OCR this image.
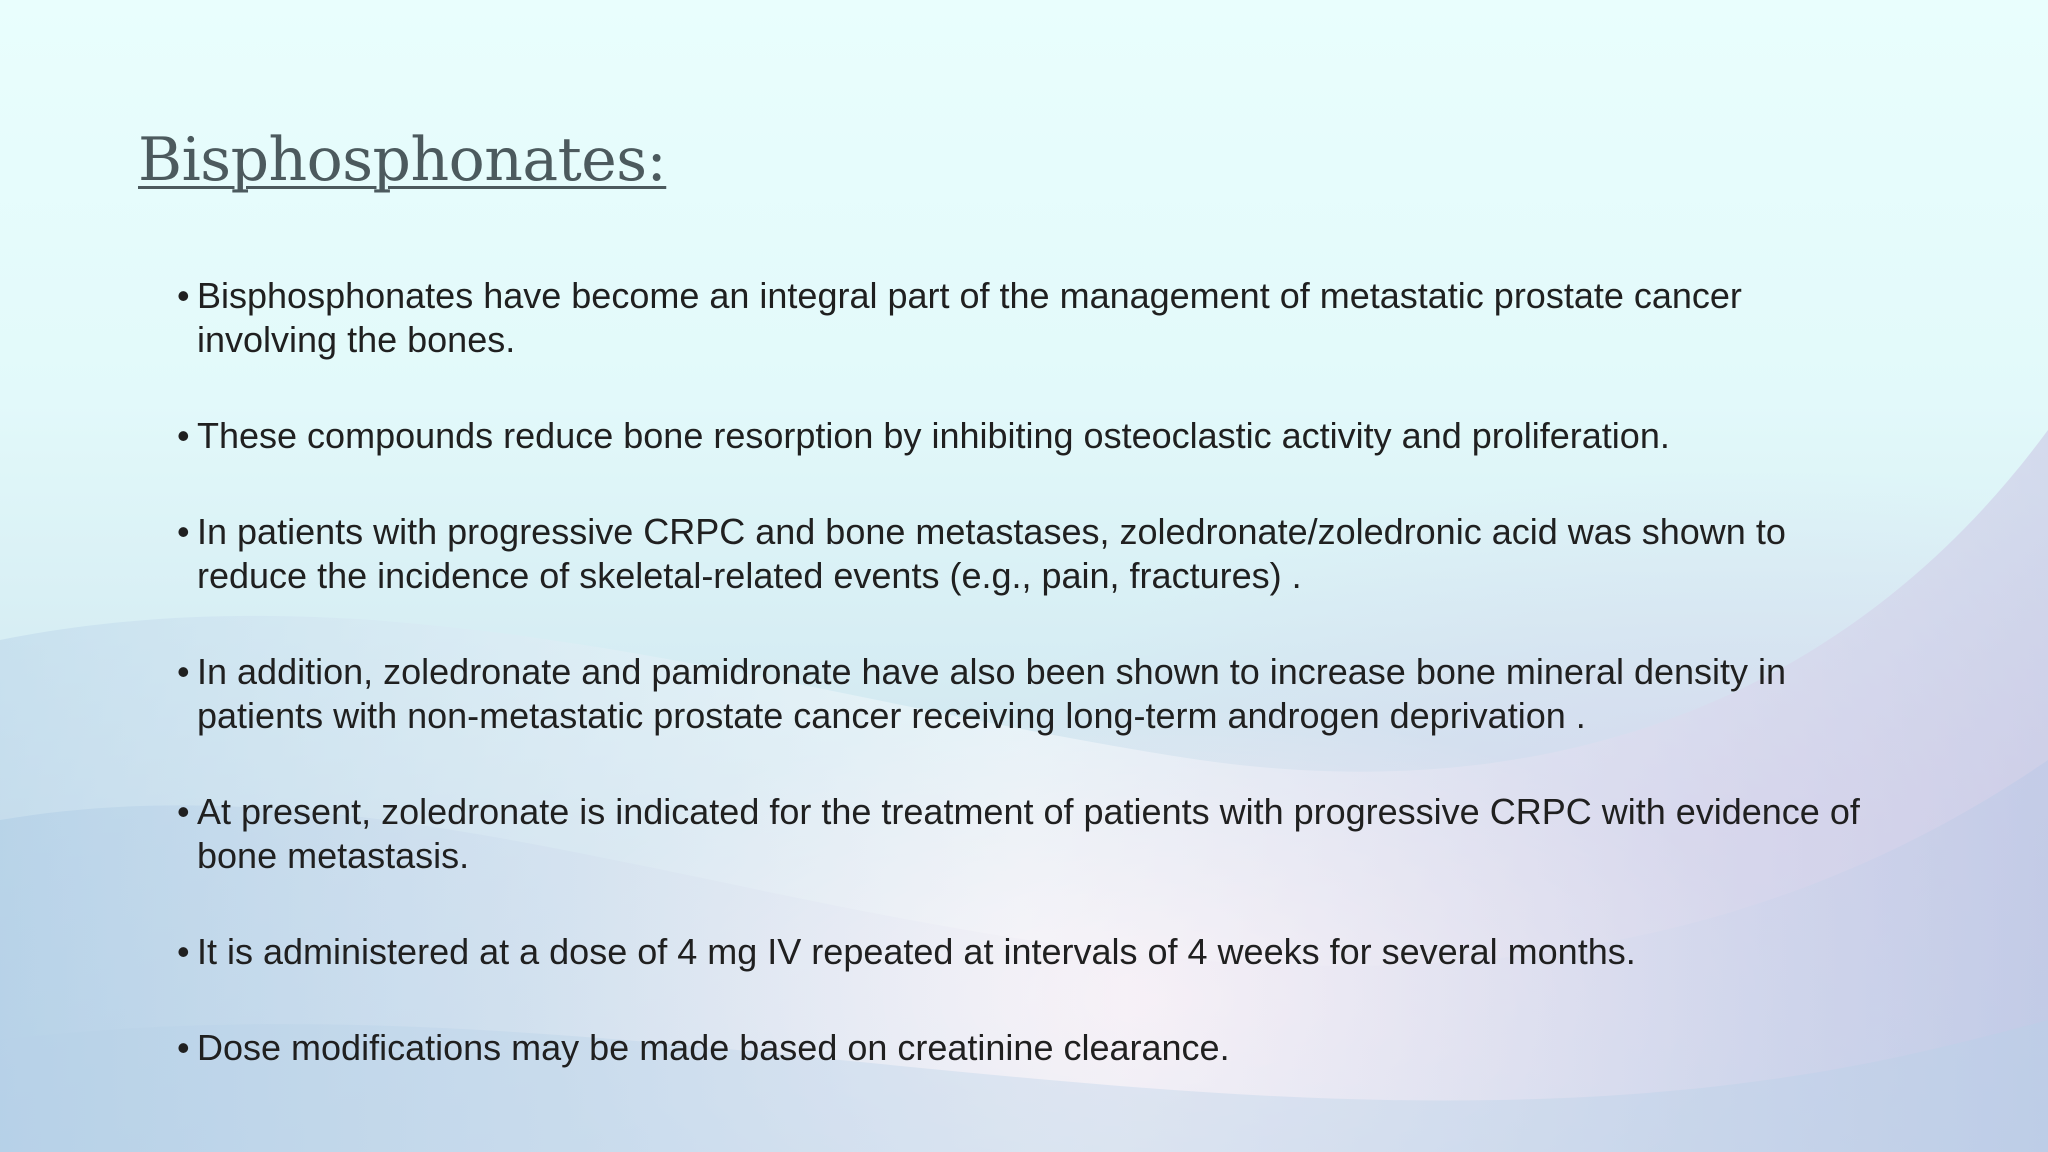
Bisphosphonates:
• Bisphosphonates have become an integral part of the management of metastatic prostate cancer involving the bones.
• These compounds reduce bone resorption by inhibiting osteoclastic activity and proliferation.
• In patients with progressive CRPC and bone metastases, zoledronate/zoledronic acid was shown to reduce the incidence of skeletal-related events (e.g., pain, fractures) .
• In addition, zoledronate and pamidronate have also been shown to increase bone mineral density in patients with non-metastatic prostate cancer receiving long-term androgen deprivation .
• At present, zoledronate is indicated for the treatment of patients with progressive CRPC with evidence of bone metastasis.
• It is administered at a dose of 4 mg IV repeated at intervals of 4 weeks for several months.
• Dose modifications may be made based on creatinine clearance.
